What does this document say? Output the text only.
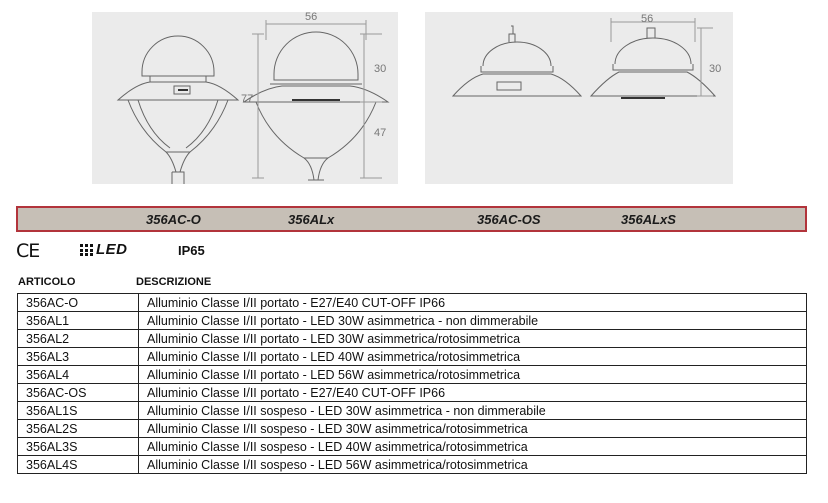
56
77
30
47
56
30
356AC-O	356ALx	356AC-OS	356ALxS
CE	LED	IP65
ARTICOLO	DESCRIZIONE
356AC-O	Alluminio Classe I/II portato - E27/E40 CUT-OFF IP66
356AL1	Alluminio Classe I/II portato - LED 30W asimmetrica - non dimmerabile
356AL2	Alluminio Classe I/II portato - LED 30W asimmetrica/rotosimmetrica
356AL3	Alluminio Classe I/II portato - LED 40W asimmetrica/rotosimmetrica
356AL4	Alluminio Classe I/II portato - LED 56W asimmetrica/rotosimmetrica
356AC-OS	Alluminio Classe I/II portato - E27/E40 CUT-OFF IP66
356AL1S	Alluminio Classe I/II sospeso - LED 30W asimmetrica - non dimmerabile
356AL2S	Alluminio Classe I/II sospeso - LED 30W asimmetrica/rotosimmetrica
356AL3S	Alluminio Classe I/II sospeso - LED 40W asimmetrica/rotosimmetrica
356AL4S	Alluminio Classe I/II sospeso - LED 56W asimmetrica/rotosimmetrica
